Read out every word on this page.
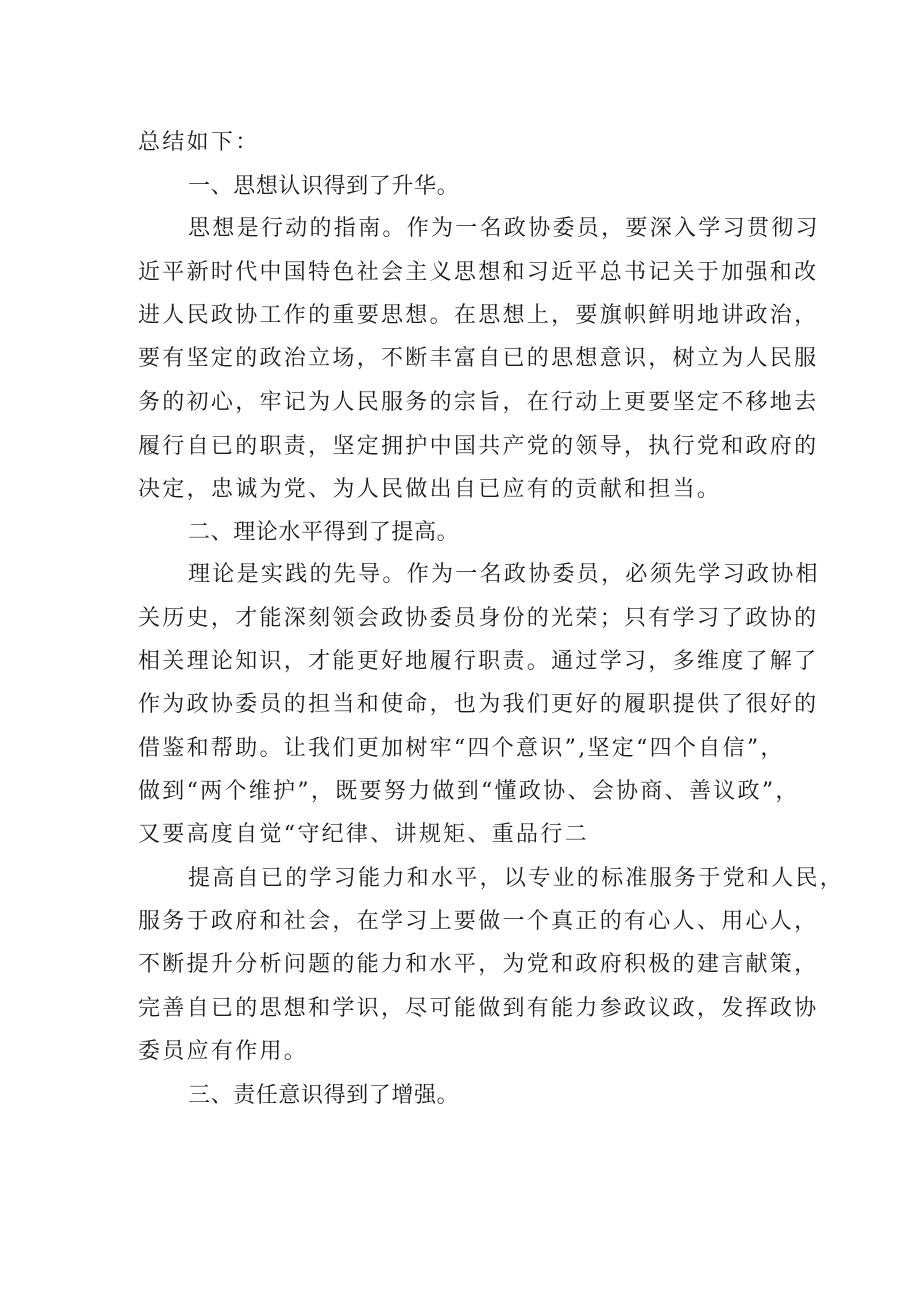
总结如下：
一、思想认识得到了升华。
思想是行动的指南。作为一名政协委员，要深入学习贯彻习
近平新时代中国特色社会主义思想和习近平总书记关于加强和改
进人民政协工作的重要思想。在思想上，要旗帜鲜明地讲政治，
要有坚定的政治立场，不断丰富自已的思想意识，树立为人民服
务的初心，牢记为人民服务的宗旨，在行动上更要坚定不移地去
履行自已的职责，坚定拥护中国共产党的领导，执行党和政府的
决定，忠诚为党、为人民做出自已应有的贡献和担当。
二、理论水平得到了提高。
理论是实践的先导。作为一名政协委员，必须先学习政协相
关历史，才能深刻领会政协委员身份的光荣；只有学习了政协的
相关理论知识，才能更好地履行职责。通过学习，多维度了解了
作为政协委员的担当和使命，也为我们更好的履职提供了很好的
借鉴和帮助。让我们更加树牢“四个意识”,坚定“四个自信”，
做到“两个维护”，既要努力做到“懂政协、会协商、善议政”，
又要高度自觉“守纪律、讲规矩、重品行二
提高自已的学习能力和水平，以专业的标准服务于党和人民，
服务于政府和社会，在学习上要做一个真正的有心人、用心人，
不断提升分析问题的能力和水平，为党和政府积极的建言献策，
完善自已的思想和学识，尽可能做到有能力参政议政，发挥政协
委员应有作用。
三、责任意识得到了增强。
